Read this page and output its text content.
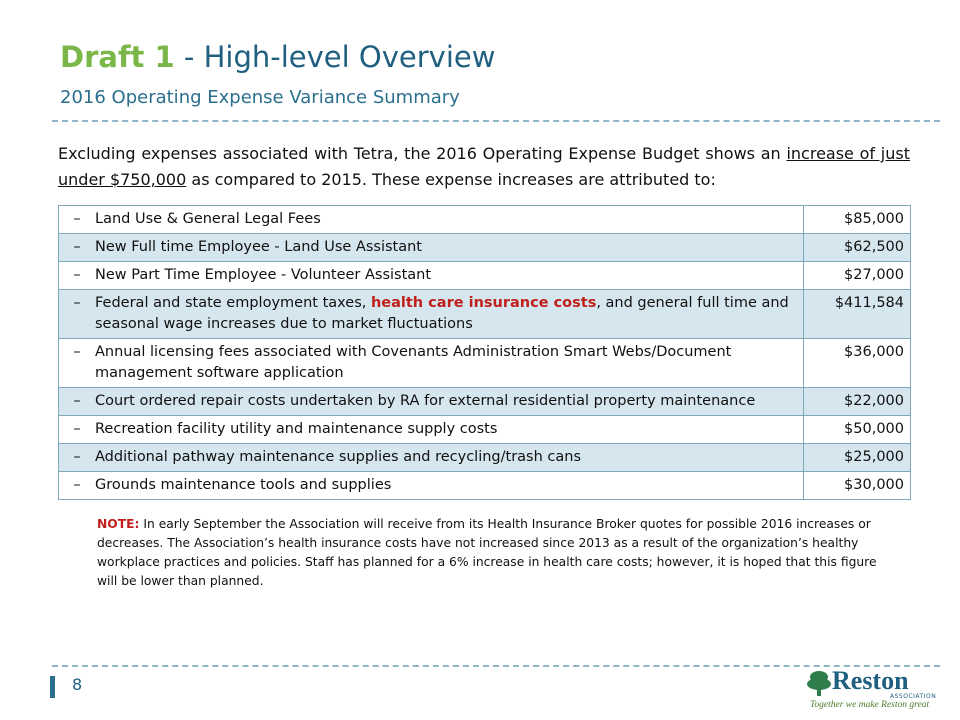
Draft 1 - High-level Overview
2016 Operating Expense Variance Summary
Excluding expenses associated with Tetra, the 2016 Operating Expense Budget shows an increase of just under $750,000 as compared to 2015. These expense increases are attributed to:
–	Land Use & General Legal Fees	$85,000
–	New Full time Employee - Land Use Assistant	$62,500
–	New Part Time Employee - Volunteer Assistant	$27,000
–	Federal and state employment taxes, health care insurance costs, and general full time and seasonal wage increases due to market fluctuations	$411,584
–	Annual licensing fees associated with Covenants Administration Smart Webs/Document management software application	$36,000
–	Court ordered repair costs undertaken by RA for external residential property maintenance	$22,000
–	Recreation facility utility and maintenance supply costs	$50,000
–	Additional pathway maintenance supplies and recycling/trash cans	$25,000
–	Grounds maintenance tools and supplies	$30,000
NOTE: In early September the Association will receive from its Health Insurance Broker quotes for possible 2016 increases or decreases. The Association’s health insurance costs have not increased since 2013 as a result of the organization’s healthy workplace practices and policies. Staff has planned for a 6% increase in health care costs; however, it is hoped that this figure will be lower than planned.
8	Reston
ASSOCIATION
Together we make Reston great
